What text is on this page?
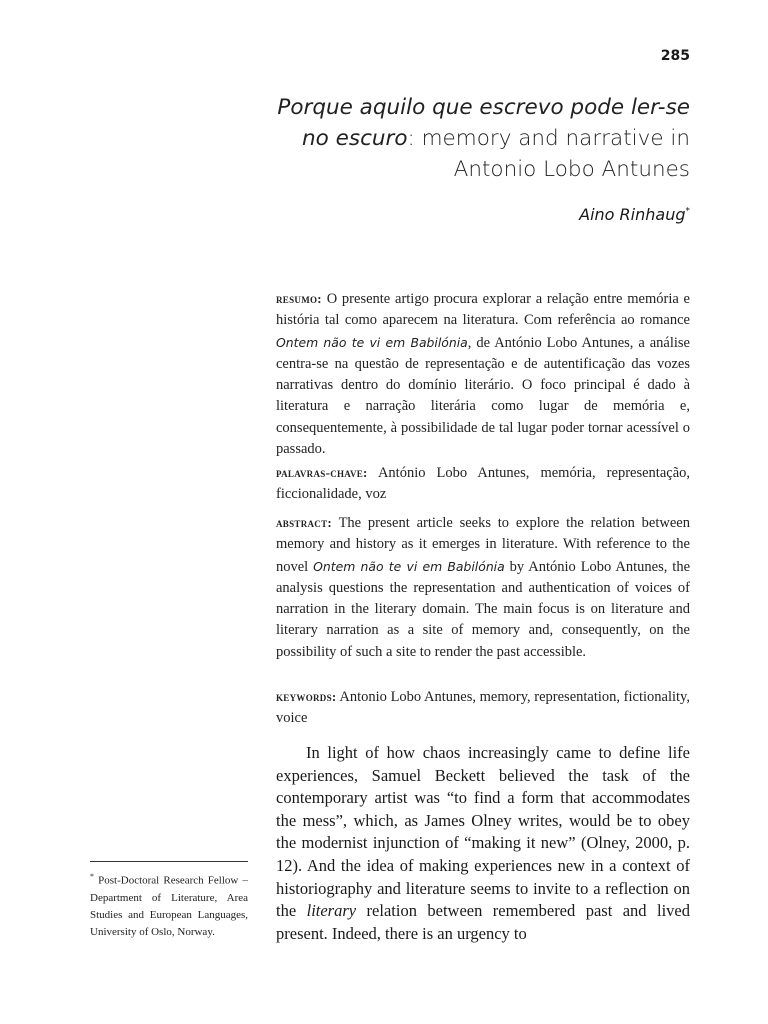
285
Porque aquilo que escrevo pode ler-se no escuro: memory and narrative in Antonio Lobo Antunes
Aino Rinhaug*
resumo: O presente artigo procura explorar a relação entre memória e história tal como aparecem na literatura. Com referência ao romance Ontem não te vi em Babilónia, de António Lobo Antunes, a análise centra-se na questão de representação e de autentificação das vozes narrativas dentro do domínio literário. O foco principal é dado à literatura e narração literária como lugar de memória e, consequentemente, à possibilidade de tal lugar poder tornar acessível o passado.
palavras-chave: António Lobo Antunes, memória, representação, ficcionalidade, voz
abstract: The present article seeks to explore the relation between memory and history as it emerges in literature. With reference to the novel Ontem não te vi em Babilónia by António Lobo Antunes, the analysis questions the representation and authentication of voices of narration in the literary domain. The main focus is on literature and literary narration as a site of memory and, consequently, on the possibility of such a site to render the past accessible.
keywords: Antonio Lobo Antunes, memory, representation, fictionality, voice
In light of how chaos increasingly came to define life experiences, Samuel Beckett believed the task of the contemporary artist was “to find a form that accommodates the mess”, which, as James Olney writes, would be to obey the modernist injunction of “making it new” (Olney, 2000, p. 12). And the idea of making experiences new in a context of historiography and literature seems to invite to a reflection on the literary relation between remembered past and lived present. Indeed, there is an urgency to
* Post-Doctoral Research Fellow – Department of Literature, Area Studies and European Languages, University of Oslo, Norway.
